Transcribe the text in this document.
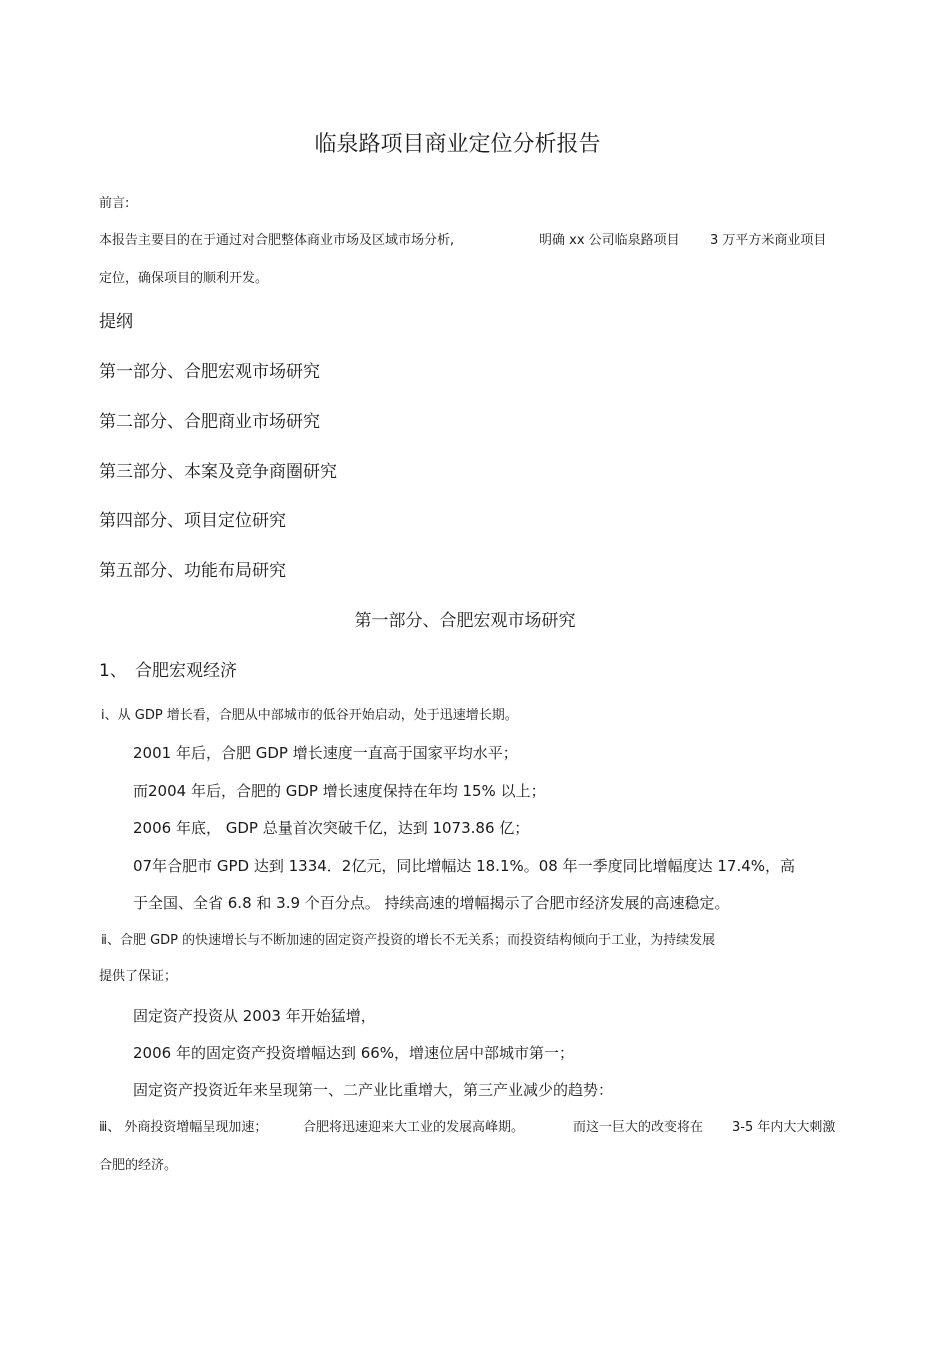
临泉路项目商业定位分析报告
前言:
本报告主要目的在于通过对合肥整体商业市场及区域市场分析,	明确 xx 公司临泉路项目 3 万平方米商业项目
定位，确保项目的顺利开发。
提纲
第一部分、合肥宏观市场研究
第二部分、合肥商业市场研究
第三部分、本案及竞争商圈研究
第四部分、项目定位研究
第五部分、功能布局研究
第一部分、合肥宏观市场研究
1、 合肥宏观经济
ⅰ、从 GDP 增长看，合肥从中部城市的低谷开始启动，处于迅速增长期。
2001 年后，合肥 GDP 增长速度一直高于国家平均水平；
而2004 年后，合肥的 GDP 增长速度保持在年均 15% 以上；
2006 年底， GDP 总量首次突破千亿，达到 1073.86 亿；
07年合肥市 GPD 达到 1334．2亿元，同比增幅达 18.1%。08 年一季度同比增幅度达 17.4%，高
于全国、全省 6.8 和 3.9 个百分点。 持续高速的增幅揭示了合肥市经济发展的高速稳定。
ⅱ、合肥 GDP 的快速增长与不断加速的固定资产投资的增长不无关系；而投资结构倾向于工业，为持续发展
提供了保证；
固定资产投资从 2003 年开始猛增，
2006 年的固定资产投资增幅达到 66%，增速位居中部城市第一；
固定资产投资近年来呈现第一、二产业比重增大，第三产业减少的趋势：
ⅲ、 外商投资增幅呈现加速；	合肥将迅速迎来大工业的发展高峰期。	而这一巨大的改变将在 3-5 年内大大刺激
合肥的经济。
